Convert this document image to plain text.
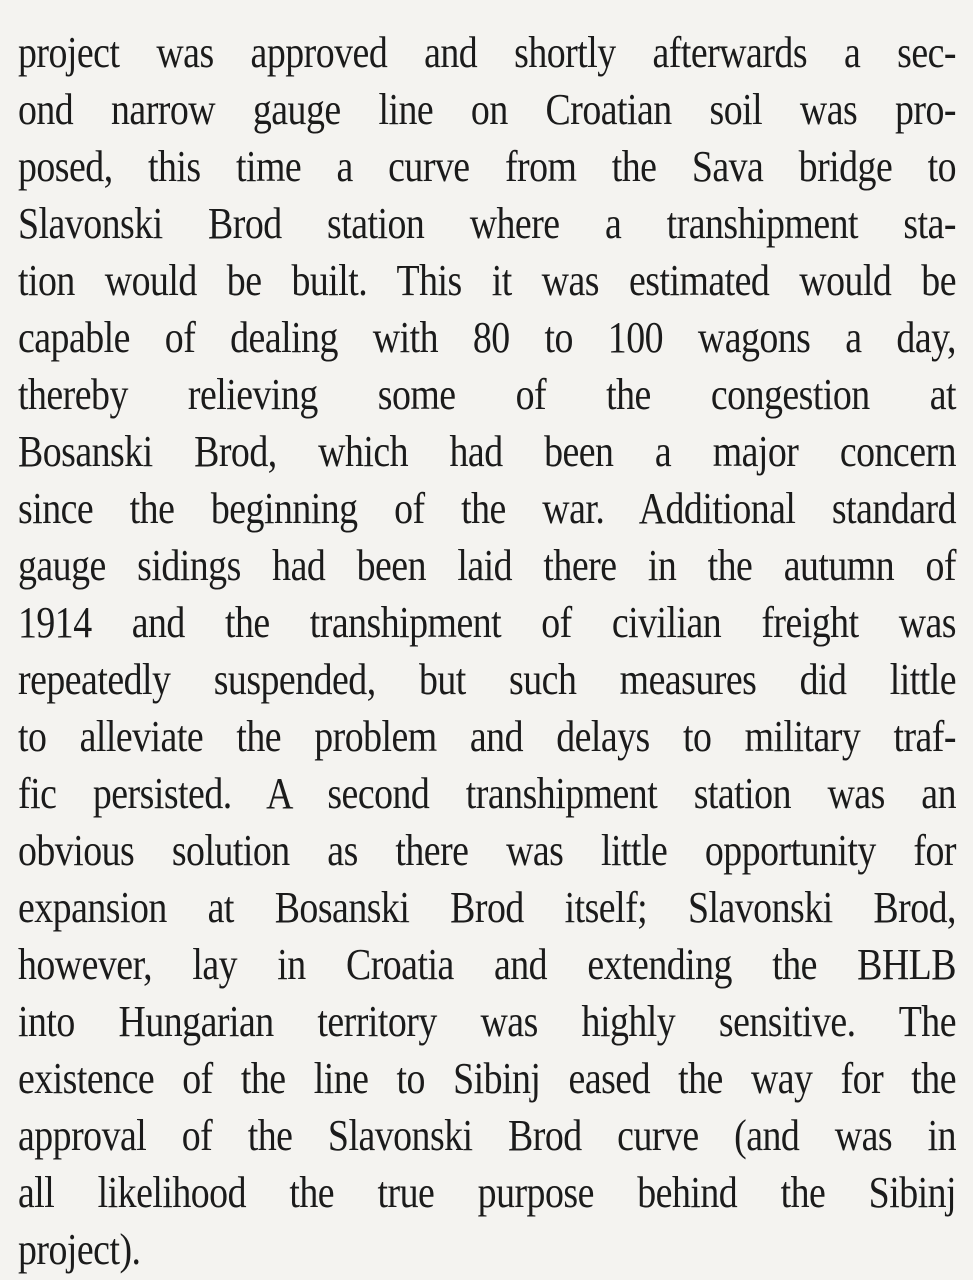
project was approved and shortly afterwards a sec-
ond narrow gauge line on Croatian soil was pro-
posed, this time a curve from the Sava bridge to
Slavonski Brod station where a transhipment sta-
tion would be built. This it was estimated would be
capable of dealing with 80 to 100 wagons a day,
thereby relieving some of the congestion at
Bosanski Brod, which had been a major concern
since the beginning of the war. Additional standard
gauge sidings had been laid there in the autumn of
1914 and the transhipment of civilian freight was
repeatedly suspended, but such measures did little
to alleviate the problem and delays to military traf-
fic persisted. A second transhipment station was an
obvious solution as there was little opportunity for
expansion at Bosanski Brod itself; Slavonski Brod,
however, lay in Croatia and extending the BHLB
into Hungarian territory was highly sensitive. The
existence of the line to Sibinj eased the way for the
approval of the Slavonski Brod curve (and was in
all likelihood the true purpose behind the Sibinj
project).
